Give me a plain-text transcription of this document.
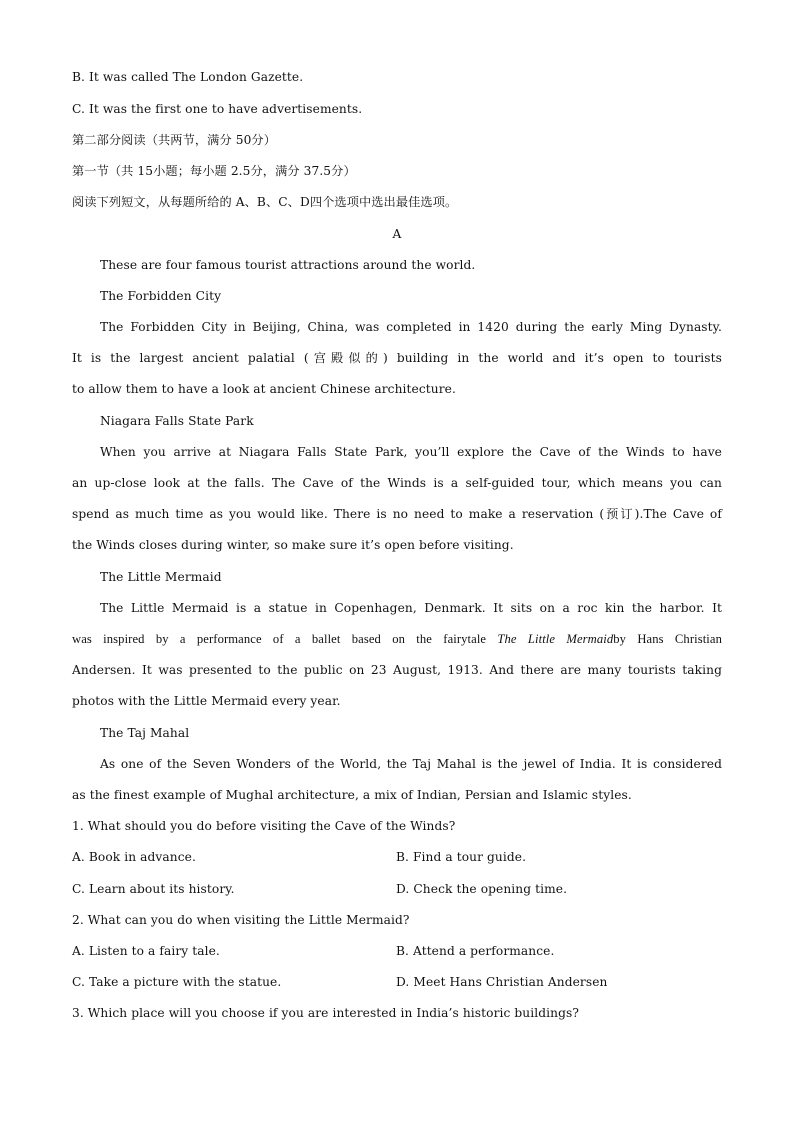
B. It was called The London Gazette.
C. It was the first one to have advertisements.
第二部分阅读（共两节，满分 50分）
第一节（共 15小题；每小题 2.5分，满分 37.5分）
阅读下列短文，从每题所给的 A、B、C、D四个选项中选出最佳选项。
A
These are four famous tourist attractions around the world.
The Forbidden City
The Forbidden City in Beijing, China, was completed in 1420 during the early Ming Dynasty.
It is the largest ancient palatial (宫殿似的) building in the world and it’s open to tourists
to allow them to have a look at ancient Chinese architecture.
Niagara Falls State Park
When you arrive at Niagara Falls State Park, you’ll explore the Cave of the Winds to have
an up-close look at the falls. The Cave of the Winds is a self-guided tour, which means you can
spend as much time as you would like. There is no need to make a reservation (预订).The Cave of
the Winds closes during winter, so make sure it’s open before visiting.
The Little Mermaid
The Little Mermaid is a statue in Copenhagen, Denmark. It sits on a roc kin the harbor. It
was inspired by a performance of a ballet based on the fairytale The Little Mermaidby Hans Christian
Andersen. It was presented to the public on 23 August, 1913. And there are many tourists taking
photos with the Little Mermaid every year.
The Taj Mahal
As one of the Seven Wonders of the World, the Taj Mahal is the jewel of India. It is considered
as the finest example of Mughal architecture, a mix of Indian, Persian and Islamic styles.
1. What should you do before visiting the Cave of the Winds?
A. Book in advance.	B. Find a tour guide.
C. Learn about its history.	D. Check the opening time.
2. What can you do when visiting the Little Mermaid?
A. Listen to a fairy tale.	B. Attend a performance.
C. Take a picture with the statue.	D. Meet Hans Christian Andersen
3. Which place will you choose if you are interested in India’s historic buildings?
